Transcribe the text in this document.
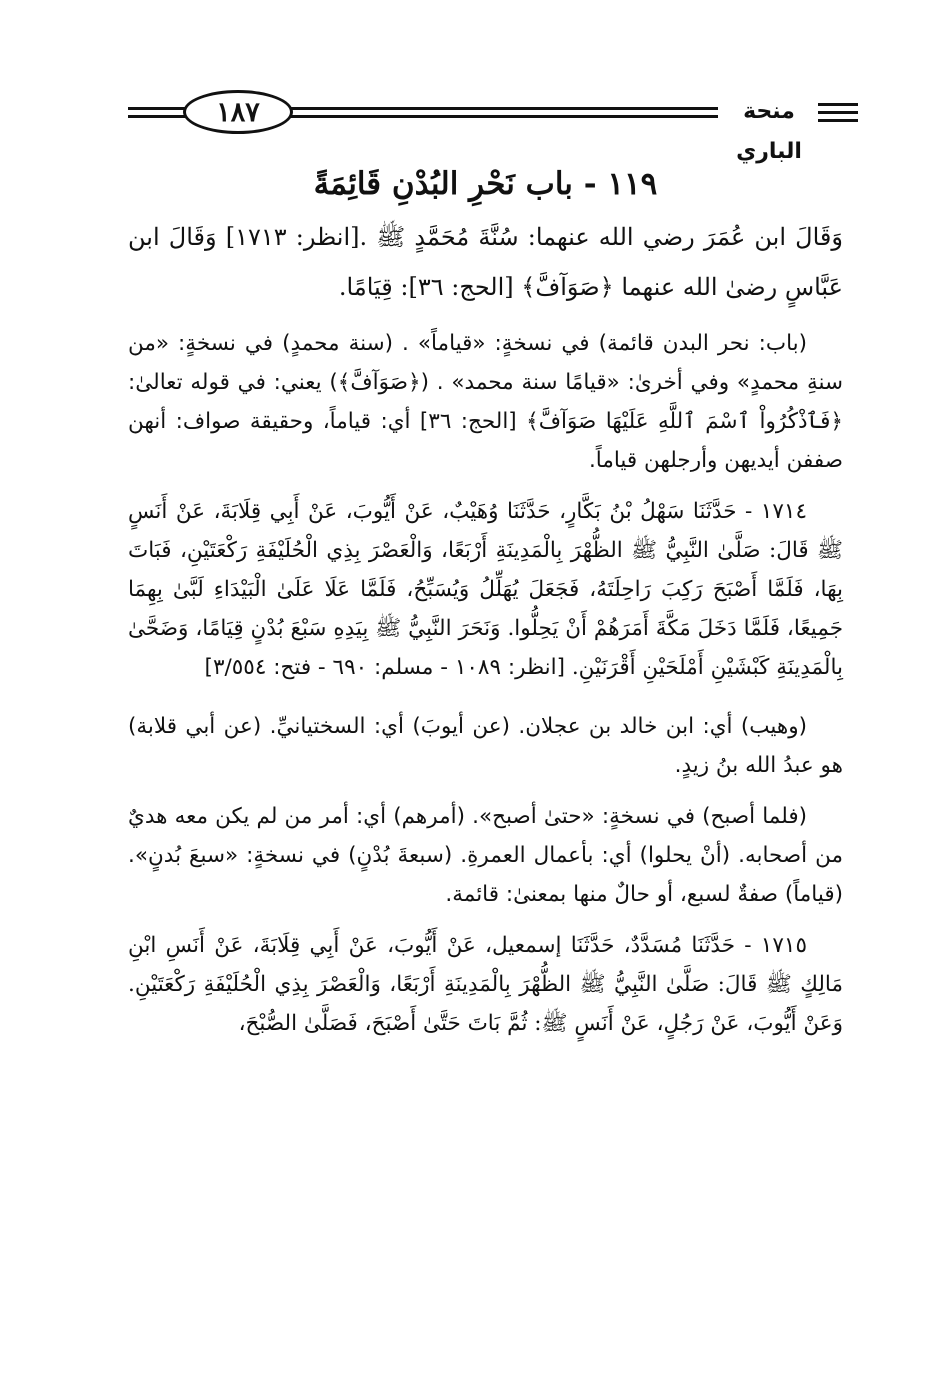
١٨٧	منحة الباري
١١٩ - باب نَحْرِ البُدْنِ قَائِمَةً

وَقَالَ ابن عُمَرَ رضي الله عنهما: سُنَّةَ مُحَمَّدٍ ﷺ .[انظر: ١٧١٣] وَقَالَ ابن عَبَّاسٍ رضىٰ الله عنهما ﴿صَوَآفَّ﴾ [الحج: ٣٦]: قِيَامًا.

(باب: نحر البدن قائمة) في نسخةٍ: «قياماً» . (سنة محمدٍ) في نسخةٍ: «من سنةِ محمدٍ» وفي أخرىٰ: «قيامًا سنة محمد» . (﴿صَوَآفَّ﴾) يعني: في قوله تعالىٰ: ﴿فَٱذْكُرُواْ ٱسْمَ ٱللَّهِ عَلَيْهَا صَوَآفَّ﴾ [الحج: ٣٦] أي: قياماً، وحقيقة صواف: أنهن صففن أيديهن وأرجلهن قياماً.

١٧١٤ - حَدَّثَنَا سَهْلُ بْنُ بَكَّارٍ، حَدَّثَنَا وُهَيْبٌ، عَنْ أَيُّوبَ، عَنْ أَبِي قِلَابَةَ، عَنْ أَنَسٍ ﷺ قَالَ: صَلَّىٰ النَّبِيُّ ﷺ الظُّهْرَ بِالْمَدِينَةِ أَرْبَعًا، وَالْعَصْرَ بِذِي الْحُلَيْفَةِ رَكْعَتَيْنِ، فَبَاتَ بِهَا، فَلَمَّا أَصْبَحَ رَكِبَ رَاحِلَتَهُ، فَجَعَلَ يُهَلِّلُ وَيُسَبِّحُ، فَلَمَّا عَلَا عَلَىٰ الْبَيْدَاءِ لَبَّىٰ بِهِمَا جَمِيعًا، فَلَمَّا دَخَلَ مَكَّةَ أَمَرَهُمْ أَنْ يَحِلُّوا. وَنَحَرَ النَّبِيُّ ﷺ بِيَدِهِ سَبْعَ بُدْنٍ قِيَامًا، وَضَحَّىٰ بِالْمَدِينَةِ كَبْشَيْنِ أَمْلَحَيْنِ أَقْرَنَيْنِ. [انظر: ١٠٨٩ - مسلم: ٦٩٠ - فتح: ٣/٥٥٤]

(وهيب) أي: ابن خالد بن عجلان. (عن أيوبَ) أي: السختيانيِّ. (عن أبي قلابة) هو عبدُ الله بنُ زيدٍ.

(فلما أصبح) في نسخةٍ: «حتىٰ أصبح». (أمرهم) أي: أمر من لم يكن معه هديٌ من أصحابه. (أنْ يحلوا) أي: بأعمال العمرةِ. (سبعةَ بُدْنٍ) في نسخةٍ: «سبعَ بُدنٍ». (قياماً) صفةٌ لسبع، أو حالٌ منها بمعنىٰ: قائمة.

١٧١٥ - حَدَّثَنَا مُسَدَّدٌ، حَدَّثَنَا إسمعيل، عَنْ أَيُّوبَ، عَنْ أَبِي قِلَابَةَ، عَنْ أَنَسِ ابْنِ مَالِكٍ ﷺ قَالَ: صَلَّىٰ النَّبِيُّ ﷺ الظُّهْرَ بِالْمَدِينَةِ أَرْبَعًا، وَالْعَصْرَ بِذِي الْحُلَيْفَةِ رَكْعَتَيْنِ. وَعَنْ أَيُّوبَ، عَنْ رَجُلٍ، عَنْ أَنَسٍ ﷺ: ثُمَّ بَاتَ حَتَّىٰ أَصْبَحَ، فَصَلَّىٰ الصُّبْحَ،
